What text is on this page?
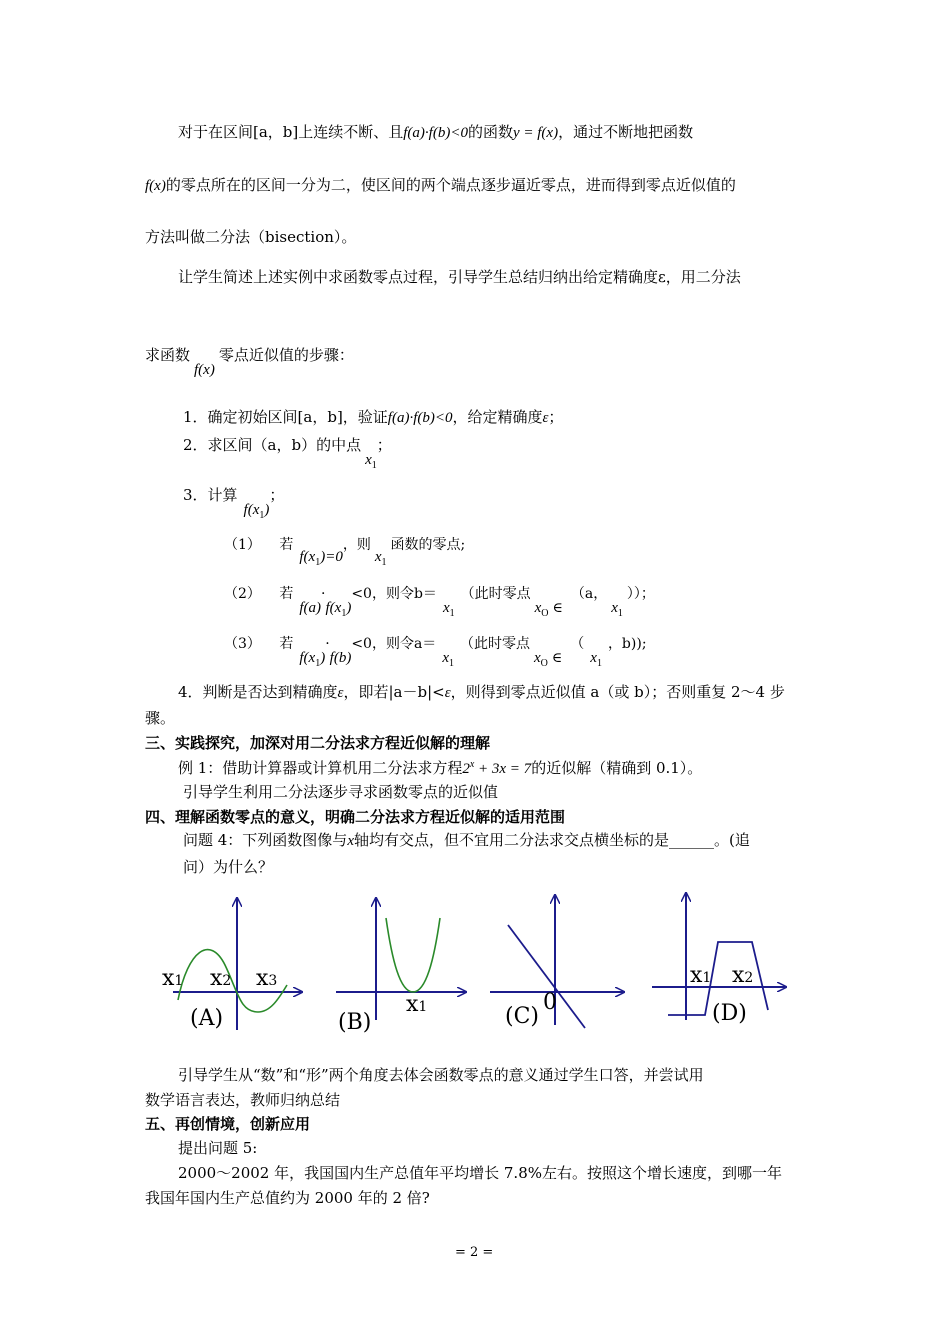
对于在区间[a，b]上连续不断、且f(a)·f(b)<0的函数y = f(x)，通过不断地把函数
f(x)的零点所在的区间一分为二，使区间的两个端点逐步逼近零点，进而得到零点近似值的
方法叫做二分法（bisection）。
让学生简述上述实例中求函数零点过程，引导学生总结归纳出给定精确度ε，用二分法
求函数f(x)零点近似值的步骤：
1．确定初始区间[a，b]，验证f(a)·f(b)<0，给定精确度ε；
2．求区间（a，b）的中点$x_1$；
3．计算$f(x_1)$；
（1） 若$f(x_1)=0$，则$x_1$函数的零点;
（2） 若$f(a)\cdot f(x_1)<0$，则令$b=x_1$（此时零点$x_O$ ∈（a，$x_1$））；
（3） 若$f(x_1)\cdot f(b)<0$，则令$a=x_1$（此时零点$x_O$ $\in(x_1$，b));
4．判断是否达到精确度ε，即若|a－b|<ε，则得到零点近似值 a（或 b）；否则重复 2～4 步
骤。
三、实践探究，加深对用二分法求方程近似解的理解
例 1：借助计算器或计算机用二分法求方程$2^x + 3x = 7$的近似解（精确到 0.1）。
引导学生利用二分法逐步寻求函数零点的近似值
四、理解函数零点的意义，明确二分法求方程近似解的适用范围
问题 4：下列函数图像与x轴均有交点，但不宜用二分法求交点横坐标的是______。(追
问）为什么？
x1 x2 x3
(A)
x1
(B)
0
(C)
x1 x2
(D)
引导学生从“数”和“形”两个角度去体会函数零点的意义通过学生口答，并尝试用
数学语言表达，教师归纳总结
五、再创情境，创新应用
提出问题 5:
2000～2002 年，我国国内生产总值年平均增长 7.8%左右。按照这个增长速度，到哪一年
我国年国内生产总值约为 2000 年的 2 倍?
= 2 =
